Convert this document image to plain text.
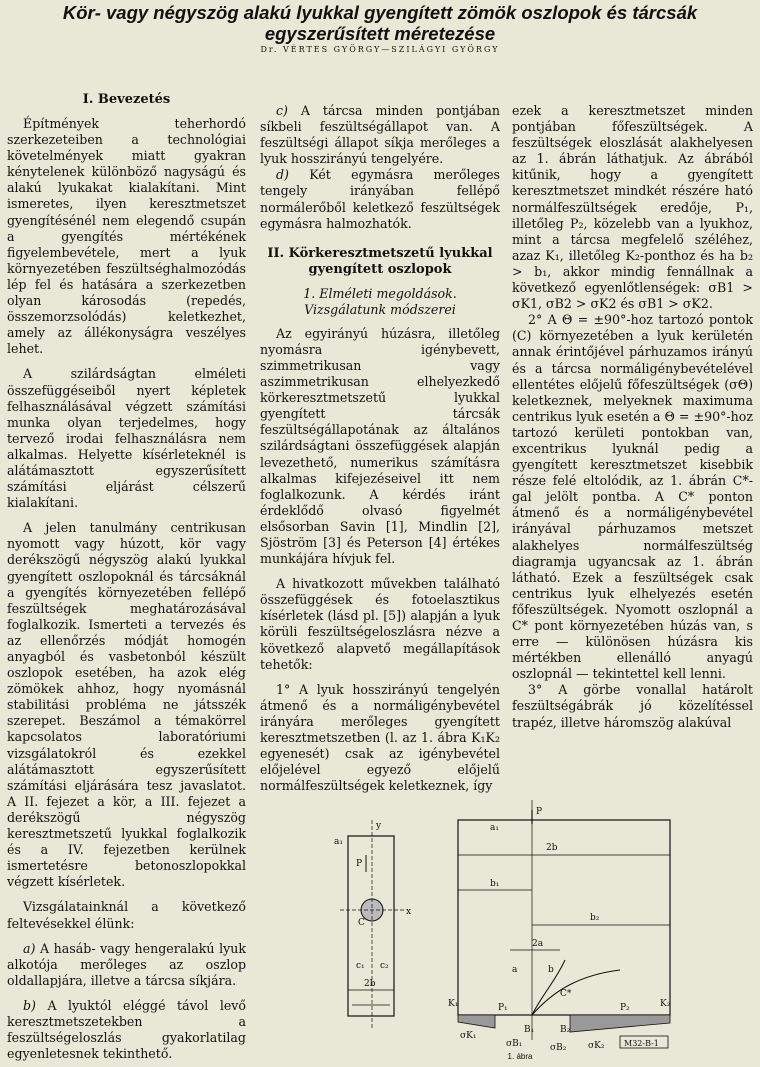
Kör- vagy négyszög alakú lyukkal gyengített zömök oszlopok és tárcsák
egyszerűsített méretezése
Dr. VÉRTES GYÖRGY—SZILÁGYI GYÖRGY
I. Bevezetés

Építmények teherhordó szerkezeteiben a technológiai követelmények miatt gyakran kénytelenek különböző nagyságú és alakú lyukakat kialakítani. Mint ismeretes, ilyen keresztmetszet gyengítésénél nem elegendő csupán a gyengítés mértékének figyelembevétele, mert a lyuk környezetében feszültséghalmozódás lép fel és hatására a szerkezetben olyan károsodás (repedés, összemorzsolódás) keletkezhet, amely az állékonyságra veszélyes lehet.

A szilárdságtan elméleti összefüggéseiből nyert képletek felhasználásával végzett számítási munka olyan terjedelmes, hogy tervező irodai felhasználásra nem alkalmas. Helyette kísérleteknél is alátámasztott egyszerűsített számítási eljárást célszerű kialakítani.

A jelen tanulmány centrikusan nyomott vagy húzott, kör vagy derékszögű négyszög alakú lyukkal gyengített oszlopoknál és tárcsáknál a gyengítés környezetében fellépő feszültségek meghatározásával foglalkozik. Ismerteti a tervezés és az ellenőrzés módját homogén anyagból és vasbetonból készült oszlopok esetében, ha azok elég zömökek ahhoz, hogy nyomásnál stabilitási probléma ne játsszék szerepet. Beszámol a témakörrel kapcsolatos laboratóriumi vizsgálatokról és ezekkel alátámasztott egyszerűsített számítási eljárására tesz javaslatot. A II. fejezet a kör, a III. fejezet a derékszögű négyszög keresztmetszetű lyukkal foglalkozik és a IV. fejezetben kerülnek ismertetésre betonoszlopokkal végzett kísérletek.

Vizsgálatainknál a következő feltevésekkel élünk:

a) A hasáb- vagy hengeralakú lyuk alkotója merőleges az oszlop oldallapjára, illetve a tárcsa síkjára.

b) A lyuktól eléggé távol levő keresztmetszetekben a feszültségeloszlás gyakorlatilag egyenletesnek tekinthető.

c) A tárcsa minden pontjában síkbeli feszültségállapot van. A feszültségi állapot síkja merőleges a lyuk hosszirányú tengelyére.

d) Két egymásra merőleges tengely irányában fellépő normálerőből keletkező feszültségek egymásra halmozhatók.

II. Körkeresztmetszetű lyukkal gyengített oszlopok
1. Elméleti megoldások.
Vizsgálatunk módszerei

Az egyirányú húzásra, illetőleg nyomásra igénybevett, szimmetrikusan vagy aszimmetrikusan elhelyezkedő körkeresztmetszetű lyukkal gyengített tárcsák feszültségállapotának az általános szilárdságtani összefüggések alapján levezethető, numerikus számításra alkalmas kifejezéseivel itt nem foglalkozunk. A kérdés iránt érdeklődő olvasó figyelmét elsősorban Savin [1], Mindlin [2], Sjöström [3] és Peterson [4] értékes munkájára hívjuk fel.

A hivatkozott művekben található összefüggések és fotoelasztikus kísérletek (lásd pl. [5]) alapján a lyuk körüli feszültségeloszlásra nézve a következő alapvető megállapítások tehetők:

1° A lyuk hosszirányú tengelyén átmenő és a normáligénybevétel irányára merőleges gyengített keresztmetszetben (l. az 1. ábra K₁K₂ egyenesét) csak az igénybevétel előjelével egyező előjelű normálfeszültségek keletkeznek, így

ezek a keresztmetszet minden pontjában főfeszültségek. A feszültségek eloszlását alakhelyesen az 1. ábrán láthatjuk. Az ábrából kitűnik, hogy a gyengített keresztmetszet mindkét részére ható normálfeszültségek eredője, P₁, illetőleg P₂, közelebb van a lyukhoz, mint a tárcsa megfelelő széléhez, azaz K₁, illetőleg K₂-ponthoz és ha b₂ > b₁, akkor mindig fennállnak a következő egyenlőtlenségek: σB1 > σK1, σB2 > σK2 és σB1 > σK2.

2° A Θ = ±90°-hoz tartozó pontok (C) környezetében a lyuk kerületén annak érintőjével párhuzamos irányú és a tárcsa normáligénybevételével ellentétes előjelű főfeszültségek (σΘ) keletkeznek, melyeknek maximuma centrikus lyuk esetén a Θ = ±90°-hoz tartozó kerületi pontokban van, excentrikus lyuknál pedig a gyengített keresztmetszet kisebbik része felé eltolódik, az 1. ábrán C*-gal jelölt pontba. A C* ponton átmenő és a normáligénybevétel irányával párhuzamos metszet alakhelyes normálfeszültség diagramja ugyancsak az 1. ábrán látható. Ezek a feszültségek csak centrikus lyuk elhelyezés esetén főfeszültségek. Nyomott oszlopnál a C* pont környezetében húzás van, s erre — különösen húzásra kis mértékben ellenálló anyagú oszlopnál — tekintettel kell lenni.

3° A görbe vonallal határolt feszültségábrák jó közelítéssel trapéz, illetve háromszög alakúval

a₁
y
x
P
C
c₁ c₂
2b
a₁
P
2b
b₁
b₂
2a
a	b
C*
K₁	K₂
B₁	B₂
P₁	P₂
σK₁
σK₂
σB₁	σB₂	M32-B-1
1. ábra
